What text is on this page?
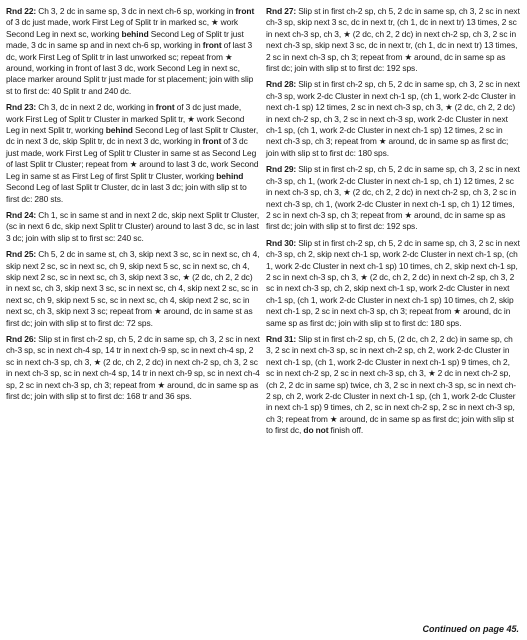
Rnd 22: Ch 3, 2 dc in same sp, 3 dc in next ch-6 sp, working in front of 3 dc just made, work First Leg of Split tr in marked sc, ★ work Second Leg in next sc, working behind Second Leg of Split tr just made, 3 dc in same sp and in next ch-6 sp, working in front of last 3 dc, work First Leg of Split tr in last unworked sc; repeat from ★ around, working in front of last 3 dc, work Second Leg in next sc, place marker around Split tr just made for st placement; join with slip st to first dc: 40 Split tr and 240 dc.

Rnd 23: Ch 3, dc in next 2 dc, working in front of 3 dc just made, work First Leg of Split tr Cluster in marked Split tr, ★ work Second Leg in next Split tr, working behind Second Leg of last Split tr Cluster, dc in next 3 dc, skip Split tr, dc in next 3 dc, working in front of 3 dc just made, work First Leg of Split tr Cluster in same st as Second Leg of last Split tr Cluster; repeat from ★ around to last 3 dc, work Second Leg in same st as First Leg of first Split tr Cluster, working behind Second Leg of last Split tr Cluster, dc in last 3 dc; join with slip st to first dc: 280 sts.

Rnd 24: Ch 1, sc in same st and in next 2 dc, skip next Split tr Cluster, (sc in next 6 dc, skip next Split tr Cluster) around to last 3 dc, sc in last 3 dc; join with slip st to first sc: 240 sc.

Rnd 25: Ch 5, 2 dc in same st, ch 3, skip next 3 sc, sc in next sc, ch 4, skip next 2 sc, sc in next sc, ch 9, skip next 5 sc, sc in next sc, ch 4, skip next 2 sc, sc in next sc, ch 3, skip next 3 sc, ★ (2 dc, ch 2, 2 dc) in next sc, ch 3, skip next 3 sc, sc in next sc, ch 4, skip next 2 sc, sc in next sc, ch 9, skip next 5 sc, sc in next sc, ch 4, skip next 2 sc, sc in next sc, ch 3, skip next 3 sc; repeat from ★ around, dc in same st as first dc; join with slip st to first dc: 72 sps.

Rnd 26: Slip st in first ch-2 sp, ch 5, 2 dc in same sp, ch 3, 2 sc in next ch-3 sp, sc in next ch-4 sp, 14 tr in next ch-9 sp, sc in next ch-4 sp, 2 sc in next ch-3 sp, ch 3, ★ (2 dc, ch 2, 2 dc) in next ch-2 sp, ch 3, 2 sc in next ch-3 sp, sc in next ch-4 sp, 14 tr in next ch-9 sp, sc in next ch-4 sp, 2 sc in next ch-3 sp, ch 3; repeat from ★ around, dc in same sp as first dc; join with slip st to first dc: 168 tr and 36 sps.

Rnd 27: Slip st in first ch-2 sp, ch 5, 2 dc in same sp, ch 3, 2 sc in next ch-3 sp, skip next 3 sc, dc in next tr, (ch 1, dc in next tr) 13 times, 2 sc in next ch-3 sp, ch 3, ★ (2 dc, ch 2, 2 dc) in next ch-2 sp, ch 3, 2 sc in next ch-3 sp, skip next 3 sc, dc in next tr, (ch 1, dc in next tr) 13 times, 2 sc in next ch-3 sp, ch 3; repeat from ★ around, dc in same sp as first dc; join with slip st to first dc: 192 sps.

Rnd 28: Slip st in first ch-2 sp, ch 5, 2 dc in same sp, ch 3, 2 sc in next ch-3 sp, work 2-dc Cluster in next ch-1 sp, (ch 1, work 2-dc Cluster in next ch-1 sp) 12 times, 2 sc in next ch-3 sp, ch 3, ★ (2 dc, ch 2, 2 dc) in next ch-2 sp, ch 3, 2 sc in next ch-3 sp, work 2-dc Cluster in next ch-1 sp, (ch 1, work 2-dc Cluster in next ch-1 sp) 12 times, 2 sc in next ch-3 sp, ch 3; repeat from ★ around, dc in same sp as first dc; join with slip st to first dc: 180 sps.

Rnd 29: Slip st in first ch-2 sp, ch 5, 2 dc in same sp, ch 3, 2 sc in next ch-3 sp, ch 1, (work 2-dc Cluster in next ch-1 sp, ch 1) 12 times, 2 sc in next ch-3 sp, ch 3, ★ (2 dc, ch 2, 2 dc) in next ch-2 sp, ch 3, 2 sc in next ch-3 sp, ch 1, (work 2-dc Cluster in next ch-1 sp, ch 1) 12 times, 2 sc in next ch-3 sp, ch 3; repeat from ★ around, dc in same sp as first dc; join with slip st to first dc: 192 sps.

Rnd 30: Slip st in first ch-2 sp, ch 5, 2 dc in same sp, ch 3, 2 sc in next ch-3 sp, ch 2, skip next ch-1 sp, work 2-dc Cluster in next ch-1 sp, (ch 1, work 2-dc Cluster in next ch-1 sp) 10 times, ch 2, skip next ch-1 sp, 2 sc in next ch-3 sp, ch 3, ★ (2 dc, ch 2, 2 dc) in next ch-2 sp, ch 3, 2 sc in next ch-3 sp, ch 2, skip next ch-1 sp, work 2-dc Cluster in next ch-1 sp, (ch 1, work 2-dc Cluster in next ch-1 sp) 10 times, ch 2, skip next ch-1 sp, 2 sc in next ch-3 sp, ch 3; repeat from ★ around, dc in same sp as first dc; join with slip st to first dc: 180 sps.

Rnd 31: Slip st in first ch-2 sp, ch 5, (2 dc, ch 2, 2 dc) in same sp, ch 3, 2 sc in next ch-3 sp, sc in next ch-2 sp, ch 2, work 2-dc Cluster in next ch-1 sp, (ch 1, work 2-dc Cluster in next ch-1 sp) 9 times, ch 2, sc in next ch-2 sp, 2 sc in next ch-3 sp, ch 3, ★ 2 dc in next ch-2 sp, (ch 2, 2 dc in same sp) twice, ch 3, 2 sc in next ch-3 sp, sc in next ch-2 sp, ch 2, work 2-dc Cluster in next ch-1 sp, (ch 1, work 2-dc Cluster in next ch-1 sp) 9 times, ch 2, sc in next ch-2 sp, 2 sc in next ch-3 sp, ch 3; repeat from ★ around, dc in same sp as first dc; join with slip st to first dc, do not finish off.

Continued on page 45.
